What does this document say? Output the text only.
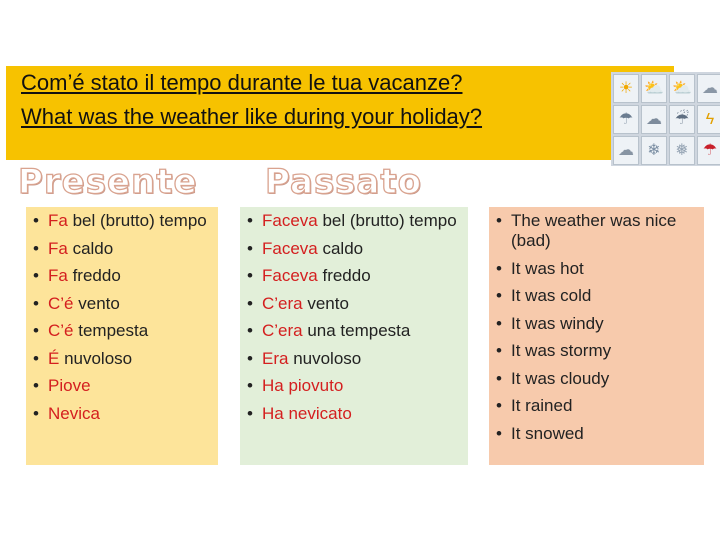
Com’é stato il tempo durante le tua vacanze?
What was the weather like during your holiday?
☀ ⛅ ⛅ ☁
☂ ☁ ☔	ϟ
☁ ❄ ❅ ☂
Presente Passato
• Fa bel (brutto) tempo
• Fa caldo
• Fa freddo
• C’é vento
• C’é tempesta
• É nuvoloso
• Piove
• Nevica
• Faceva bel (brutto) tempo
• Faceva caldo
• Faceva freddo
• C’era vento
• C’era una tempesta
• Era nuvoloso
• Ha piovuto
• Ha nevicato
• The weather was nice (bad)
• It was hot
• It was cold
• It was windy
• It was stormy
• It was cloudy
• It rained
• It snowed
